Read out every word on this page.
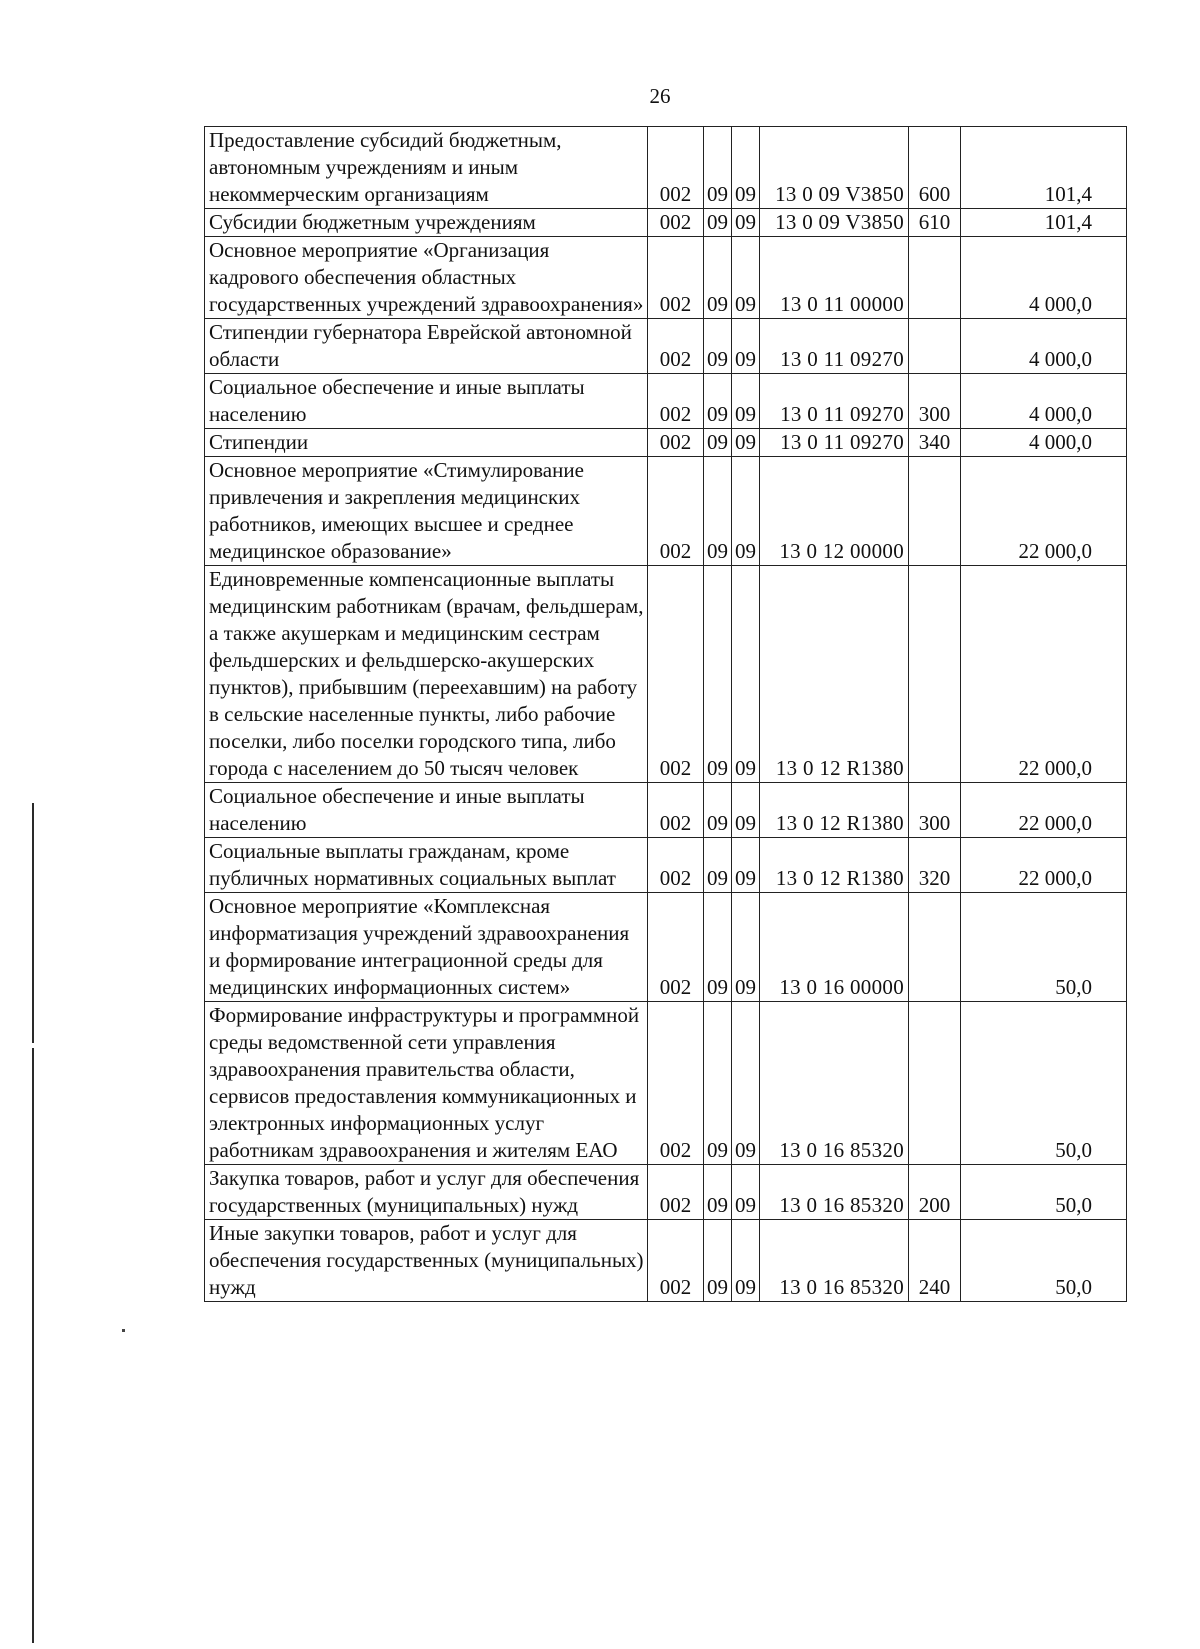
26
Предоставление субсидий бюджетным, автономным учреждениям и иным некоммерческим организациям	002	09	09	13 0 09 V3850	600	101,4
Субсидии бюджетным учреждениям	002	09	09	13 0 09 V3850	610	101,4
Основное мероприятие «Организация кадрового обеспечения областных государственных учреждений здравоохранения»	002	09	09	13 0 11 00000		4 000,0
Стипендии губернатора Еврейской автономной области	002	09	09	13 0 11 09270		4 000,0
Социальное обеспечение и иные выплаты населению	002	09	09	13 0 11 09270	300	4 000,0
Стипендии	002	09	09	13 0 11 09270	340	4 000,0
Основное мероприятие «Стимулирование привлечения и закрепления медицинских работников, имеющих высшее и среднее медицинское образование»	002	09	09	13 0 12 00000		22 000,0
Единовременные компенсационные выплаты медицинским работникам (врачам, фельдшерам, а также акушеркам и медицинским сестрам фельдшерских и фельдшерско-акушерских пунктов), прибывшим (переехавшим) на работу в сельские населенные пункты, либо рабочие поселки, либо поселки городского типа, либо города с населением до 50 тысяч человек	002	09	09	13 0 12 R1380		22 000,0
Социальное обеспечение и иные выплаты населению	002	09	09	13 0 12 R1380	300	22 000,0
Социальные выплаты гражданам, кроме публичных нормативных социальных выплат	002	09	09	13 0 12 R1380	320	22 000,0
Основное мероприятие «Комплексная информатизация учреждений здравоохранения и формирование интеграционной среды для медицинских информационных систем»	002	09	09	13 0 16 00000		50,0
Формирование инфраструктуры и программной среды ведомственной сети управления здравоохранения правительства области, сервисов предоставления коммуникационных и электронных информационных услуг работникам здравоохранения и жителям ЕАО	002	09	09	13 0 16 85320		50,0
Закупка товаров, работ и услуг для обеспечения государственных (муниципальных) нужд	002	09	09	13 0 16 85320	200	50,0
Иные закупки товаров, работ и услуг для обеспечения государственных (муниципальных) нужд	002	09	09	13 0 16 85320	240	50,0
